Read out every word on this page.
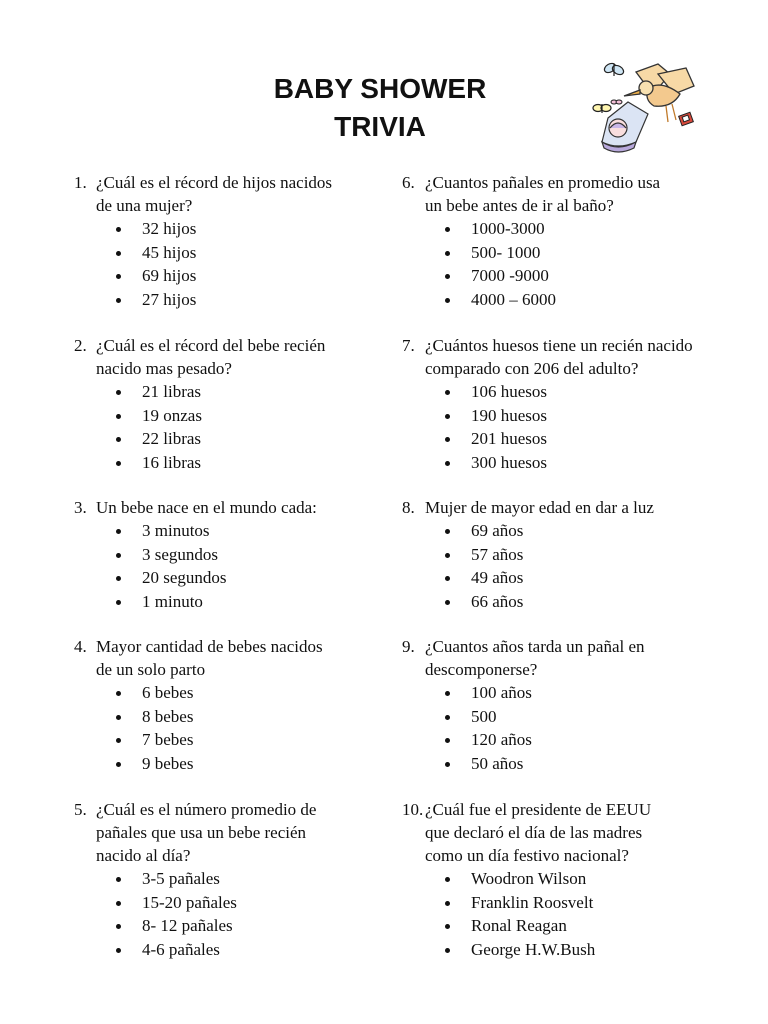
BABY SHOWER
TRIVIA
1. ¿Cuál es el récord de hijos nacidos
de una mujer?
32 hijos
45 hijos
69 hijos
27 hijos
2. ¿Cuál es el récord del bebe recién
nacido mas pesado?
21 libras
19 onzas
22 libras
16 libras
3. Un bebe nace en el mundo cada:
3 minutos
3 segundos
20 segundos
1 minuto
4. Mayor cantidad de bebes nacidos
de un solo parto
6 bebes
8 bebes
7 bebes
9 bebes
5. ¿Cuál es el número promedio de
pañales que usa un bebe recién
nacido al día?
3-5 pañales
15-20 pañales
8- 12 pañales
4-6 pañales
6. ¿Cuantos pañales en promedio usa
un bebe antes de ir al baño?
1000-3000
500- 1000
7000 -9000
4000 – 6000
7. ¿Cuántos huesos tiene un recién nacido
comparado con 206 del adulto?
106 huesos
190 huesos
201 huesos
300 huesos
8. Mujer de mayor edad en dar a luz
69 años
57 años
49 años
66 años
9. ¿Cuantos años tarda un pañal en
descomponerse?
100 años
500
120 años
50 años
10. ¿Cuál fue el presidente de EEUU
que declaró el día de las madres
como un día festivo nacional?
Woodron Wilson
Franklin Roosvelt
Ronal Reagan
George H.W.Bush
